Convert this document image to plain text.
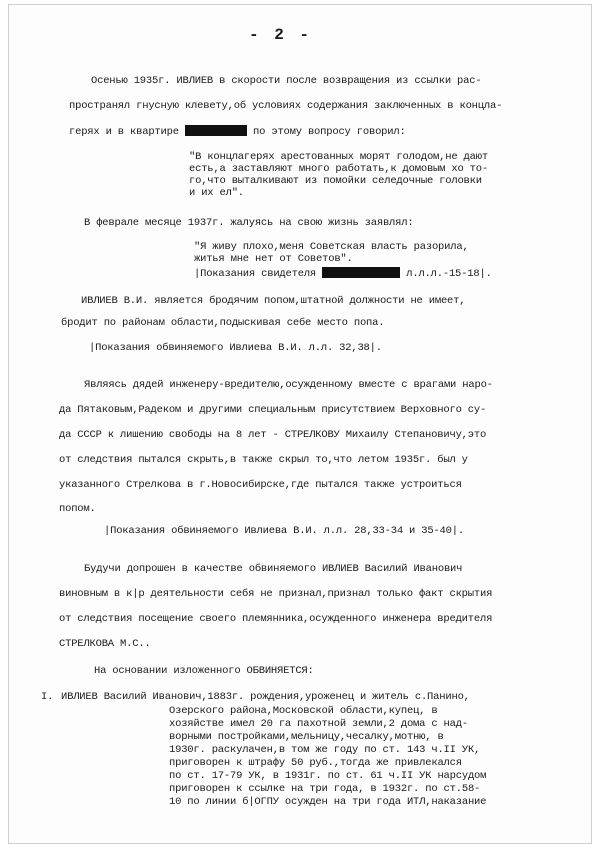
- 2 -
Осенью 1935г. ИВЛИЕВ в скорости после возвращения из ссылки рас-
пространял гнусную клевету,об условиях содержания заключенных в концла-
герях и в квартире	по этому вопросу говорил:
"В концлагерях арестованных морят голодом,не дают
есть,а заставляют много работать,к домовым хо то-
го,что выталкивают из помойки селедочные головки
и их ел".
В феврале месяце 1937г. жалуясь на свою жизнь заявлял:
"Я живу плохо,меня Советская власть разорила,
житья мне нет от Советов".
|Показания свидетеля	л.л.л.-15-18|.
ИВЛИЕВ В.И. является бродячим попом,штатной должности не имеет,
бродит по районам области,подыскивая себе место попа.
|Показания обвиняемого Ивлиева В.И. л.л. 32,38|.
Являясь дядей инженеру-вредителю,осужденному вместе с врагами наро-
да Пятаковым,Радеком и другими специальным присутствием Верховного су-
да СССР к лишению свободы на 8 лет - СТРЕЛКОВУ Михаилу Степановичу,это
от следствия пытался скрыть,в также скрыл то,что летом 1935г. был у
указанного Стрелкова в г.Новосибирске,где пытался также устроиться
попом.
|Показания обвиняемого Ивлиева В.И. л.л. 28,33-34 и 35-40|.
Будучи допрошен в качестве обвиняемого ИВЛИЕВ Василий Иванович
виновным в к|р деятельности себя не признал,признал только факт скрытия
от следствия посещение своего племянника,осужденного инженера вредителя
СТРЕЛКОВА М.С..
На основании изложенного ОБВИНЯЕТСЯ:
I. ИВЛИЕВ Василий Иванович,1883г. рождения,уроженец и житель с.Панино,
Озерского района,Московской области,купец, в
хозяйстве имел 20 га пахотной земли,2 дома с над-
ворными постройками,мельницу,чесалку,мотню, в
1930г. раскулачен,в том же году по ст. 143 ч.II УК,
приговорен к штрафу 50 руб.,тогда же привлекался
по ст. 17-79 УК, в 1931г. по ст. 61 ч.II УК нарсудом
приговорен к ссылке на три года, в 1932г. по ст.58-
10 по линии б|ОГПУ осужден на три года ИТЛ,наказание
